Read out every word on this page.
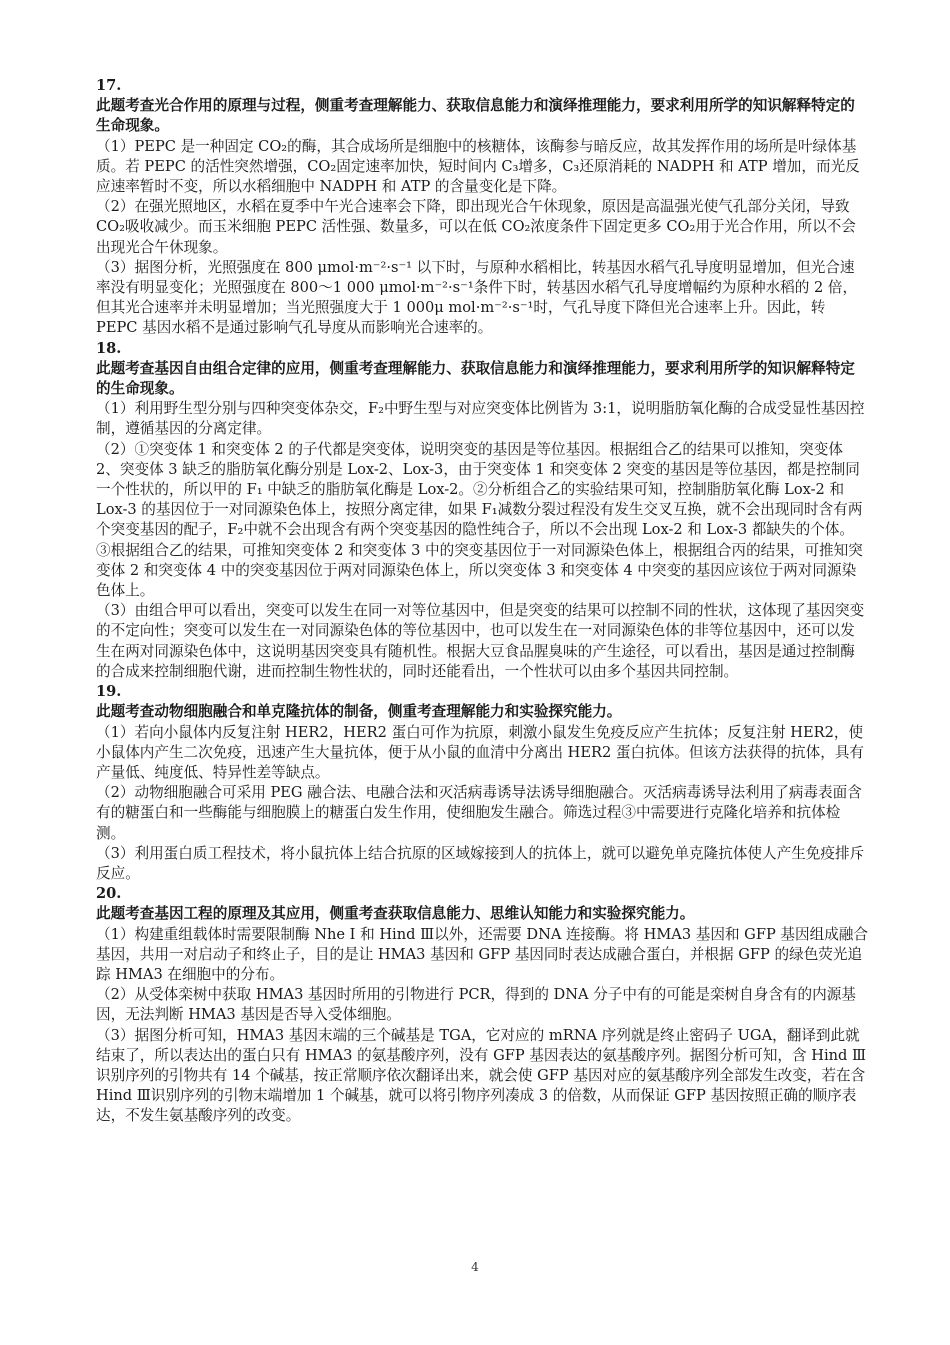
17.
此题考查光合作用的原理与过程，侧重考查理解能力、获取信息能力和演绎推理能力，要求利用所学的知识解释特定的生命现象。
（1）PEPC 是一种固定 CO₂的酶，其合成场所是细胞中的核糖体，该酶参与暗反应，故其发挥作用的场所是叶绿体基质。若 PEPC 的活性突然增强，CO₂固定速率加快，短时间内 C₃增多，C₃还原消耗的 NADPH 和 ATP 增加，而光反应速率暂时不变，所以水稻细胞中 NADPH 和 ATP 的含量变化是下降。
（2）在强光照地区，水稻在夏季中午光合速率会下降，即出现光合午休现象，原因是高温强光使气孔部分关闭，导致 CO₂吸收减少。而玉米细胞 PEPC 活性强、数量多，可以在低 CO₂浓度条件下固定更多 CO₂用于光合作用，所以不会出现光合午休现象。
（3）据图分析，光照强度在 800 μmol·m⁻²·s⁻¹ 以下时，与原种水稻相比，转基因水稻气孔导度明显增加，但光合速率没有明显变化；光照强度在 800～1 000 μmol·m⁻²·s⁻¹条件下时，转基因水稻气孔导度增幅约为原种水稻的 2 倍，但其光合速率并未明显增加；当光照强度大于 1 000μ mol·m⁻²·s⁻¹时，气孔导度下降但光合速率上升。因此，转 PEPC 基因水稻不是通过影响气孔导度从而影响光合速率的。
18.
此题考查基因自由组合定律的应用，侧重考查理解能力、获取信息能力和演绎推理能力，要求利用所学的知识解释特定的生命现象。
（1）利用野生型分别与四种突变体杂交，F₂中野生型与对应突变体比例皆为 3:1，说明脂肪氧化酶的合成受显性基因控制，遵循基因的分离定律。
（2）①突变体 1 和突变体 2 的子代都是突变体，说明突变的基因是等位基因。根据组合乙的结果可以推知，突变体 2、突变体 3 缺乏的脂肪氧化酶分别是 Lox-2、Lox-3，由于突变体 1 和突变体 2 突变的基因是等位基因，都是控制同一个性状的，所以甲的 F₁ 中缺乏的脂肪氧化酶是 Lox-2。②分析组合乙的实验结果可知，控制脂肪氧化酶 Lox-2 和 Lox-3 的基因位于一对同源染色体上，按照分离定律，如果 F₁减数分裂过程没有发生交叉互换，就不会出现同时含有两个突变基因的配子，F₂中就不会出现含有两个突变基因的隐性纯合子，所以不会出现 Lox-2 和 Lox-3 都缺失的个体。③根据组合乙的结果，可推知突变体 2 和突变体 3 中的突变基因位于一对同源染色体上，根据组合丙的结果，可推知突变体 2 和突变体 4 中的突变基因位于两对同源染色体上，所以突变体 3 和突变体 4 中突变的基因应该位于两对同源染色体上。
（3）由组合甲可以看出，突变可以发生在同一对等位基因中，但是突变的结果可以控制不同的性状，这体现了基因突变的不定向性；突变可以发生在一对同源染色体的等位基因中，也可以发生在一对同源染色体的非等位基因中，还可以发生在两对同源染色体中，这说明基因突变具有随机性。根据大豆食品腥臭味的产生途径，可以看出，基因是通过控制酶的合成来控制细胞代谢，进而控制生物性状的，同时还能看出，一个性状可以由多个基因共同控制。
19.
此题考查动物细胞融合和单克隆抗体的制备，侧重考查理解能力和实验探究能力。
（1）若向小鼠体内反复注射 HER2，HER2 蛋白可作为抗原，刺激小鼠发生免疫反应产生抗体；反复注射 HER2，使小鼠体内产生二次免疫，迅速产生大量抗体，便于从小鼠的血清中分离出 HER2 蛋白抗体。但该方法获得的抗体，具有产量低、纯度低、特异性差等缺点。
（2）动物细胞融合可采用 PEG 融合法、电融合法和灭活病毒诱导法诱导细胞融合。灭活病毒诱导法利用了病毒表面含有的糖蛋白和一些酶能与细胞膜上的糖蛋白发生作用，使细胞发生融合。筛选过程③中需要进行克隆化培养和抗体检测。
（3）利用蛋白质工程技术，将小鼠抗体上结合抗原的区域嫁接到人的抗体上，就可以避免单克隆抗体使人产生免疫排斥反应。
20.
此题考查基因工程的原理及其应用，侧重考查获取信息能力、思维认知能力和实验探究能力。
（1）构建重组载体时需要限制酶 Nhe Ⅰ 和 Hind Ⅲ以外，还需要 DNA 连接酶。将 HMA3 基因和 GFP 基因组成融合基因，共用一对启动子和终止子，目的是让 HMA3 基因和 GFP 基因同时表达成融合蛋白，并根据 GFP 的绿色荧光追踪 HMA3 在细胞中的分布。
（2）从受体栾树中获取 HMA3 基因时所用的引物进行 PCR，得到的 DNA 分子中有的可能是栾树自身含有的内源基因，无法判断 HMA3 基因是否导入受体细胞。
（3）据图分析可知，HMA3 基因末端的三个碱基是 TGA，它对应的 mRNA 序列就是终止密码子 UGA，翻译到此就结束了，所以表达出的蛋白只有 HMA3 的氨基酸序列，没有 GFP 基因表达的氨基酸序列。据图分析可知，含 Hind Ⅲ识别序列的引物共有 14 个碱基，按正常顺序依次翻译出来，就会使 GFP 基因对应的氨基酸序列全部发生改变，若在含 Hind Ⅲ识别序列的引物末端增加 1 个碱基，就可以将引物序列凑成 3 的倍数，从而保证 GFP 基因按照正确的顺序表达，不发生氨基酸序列的改变。
4
